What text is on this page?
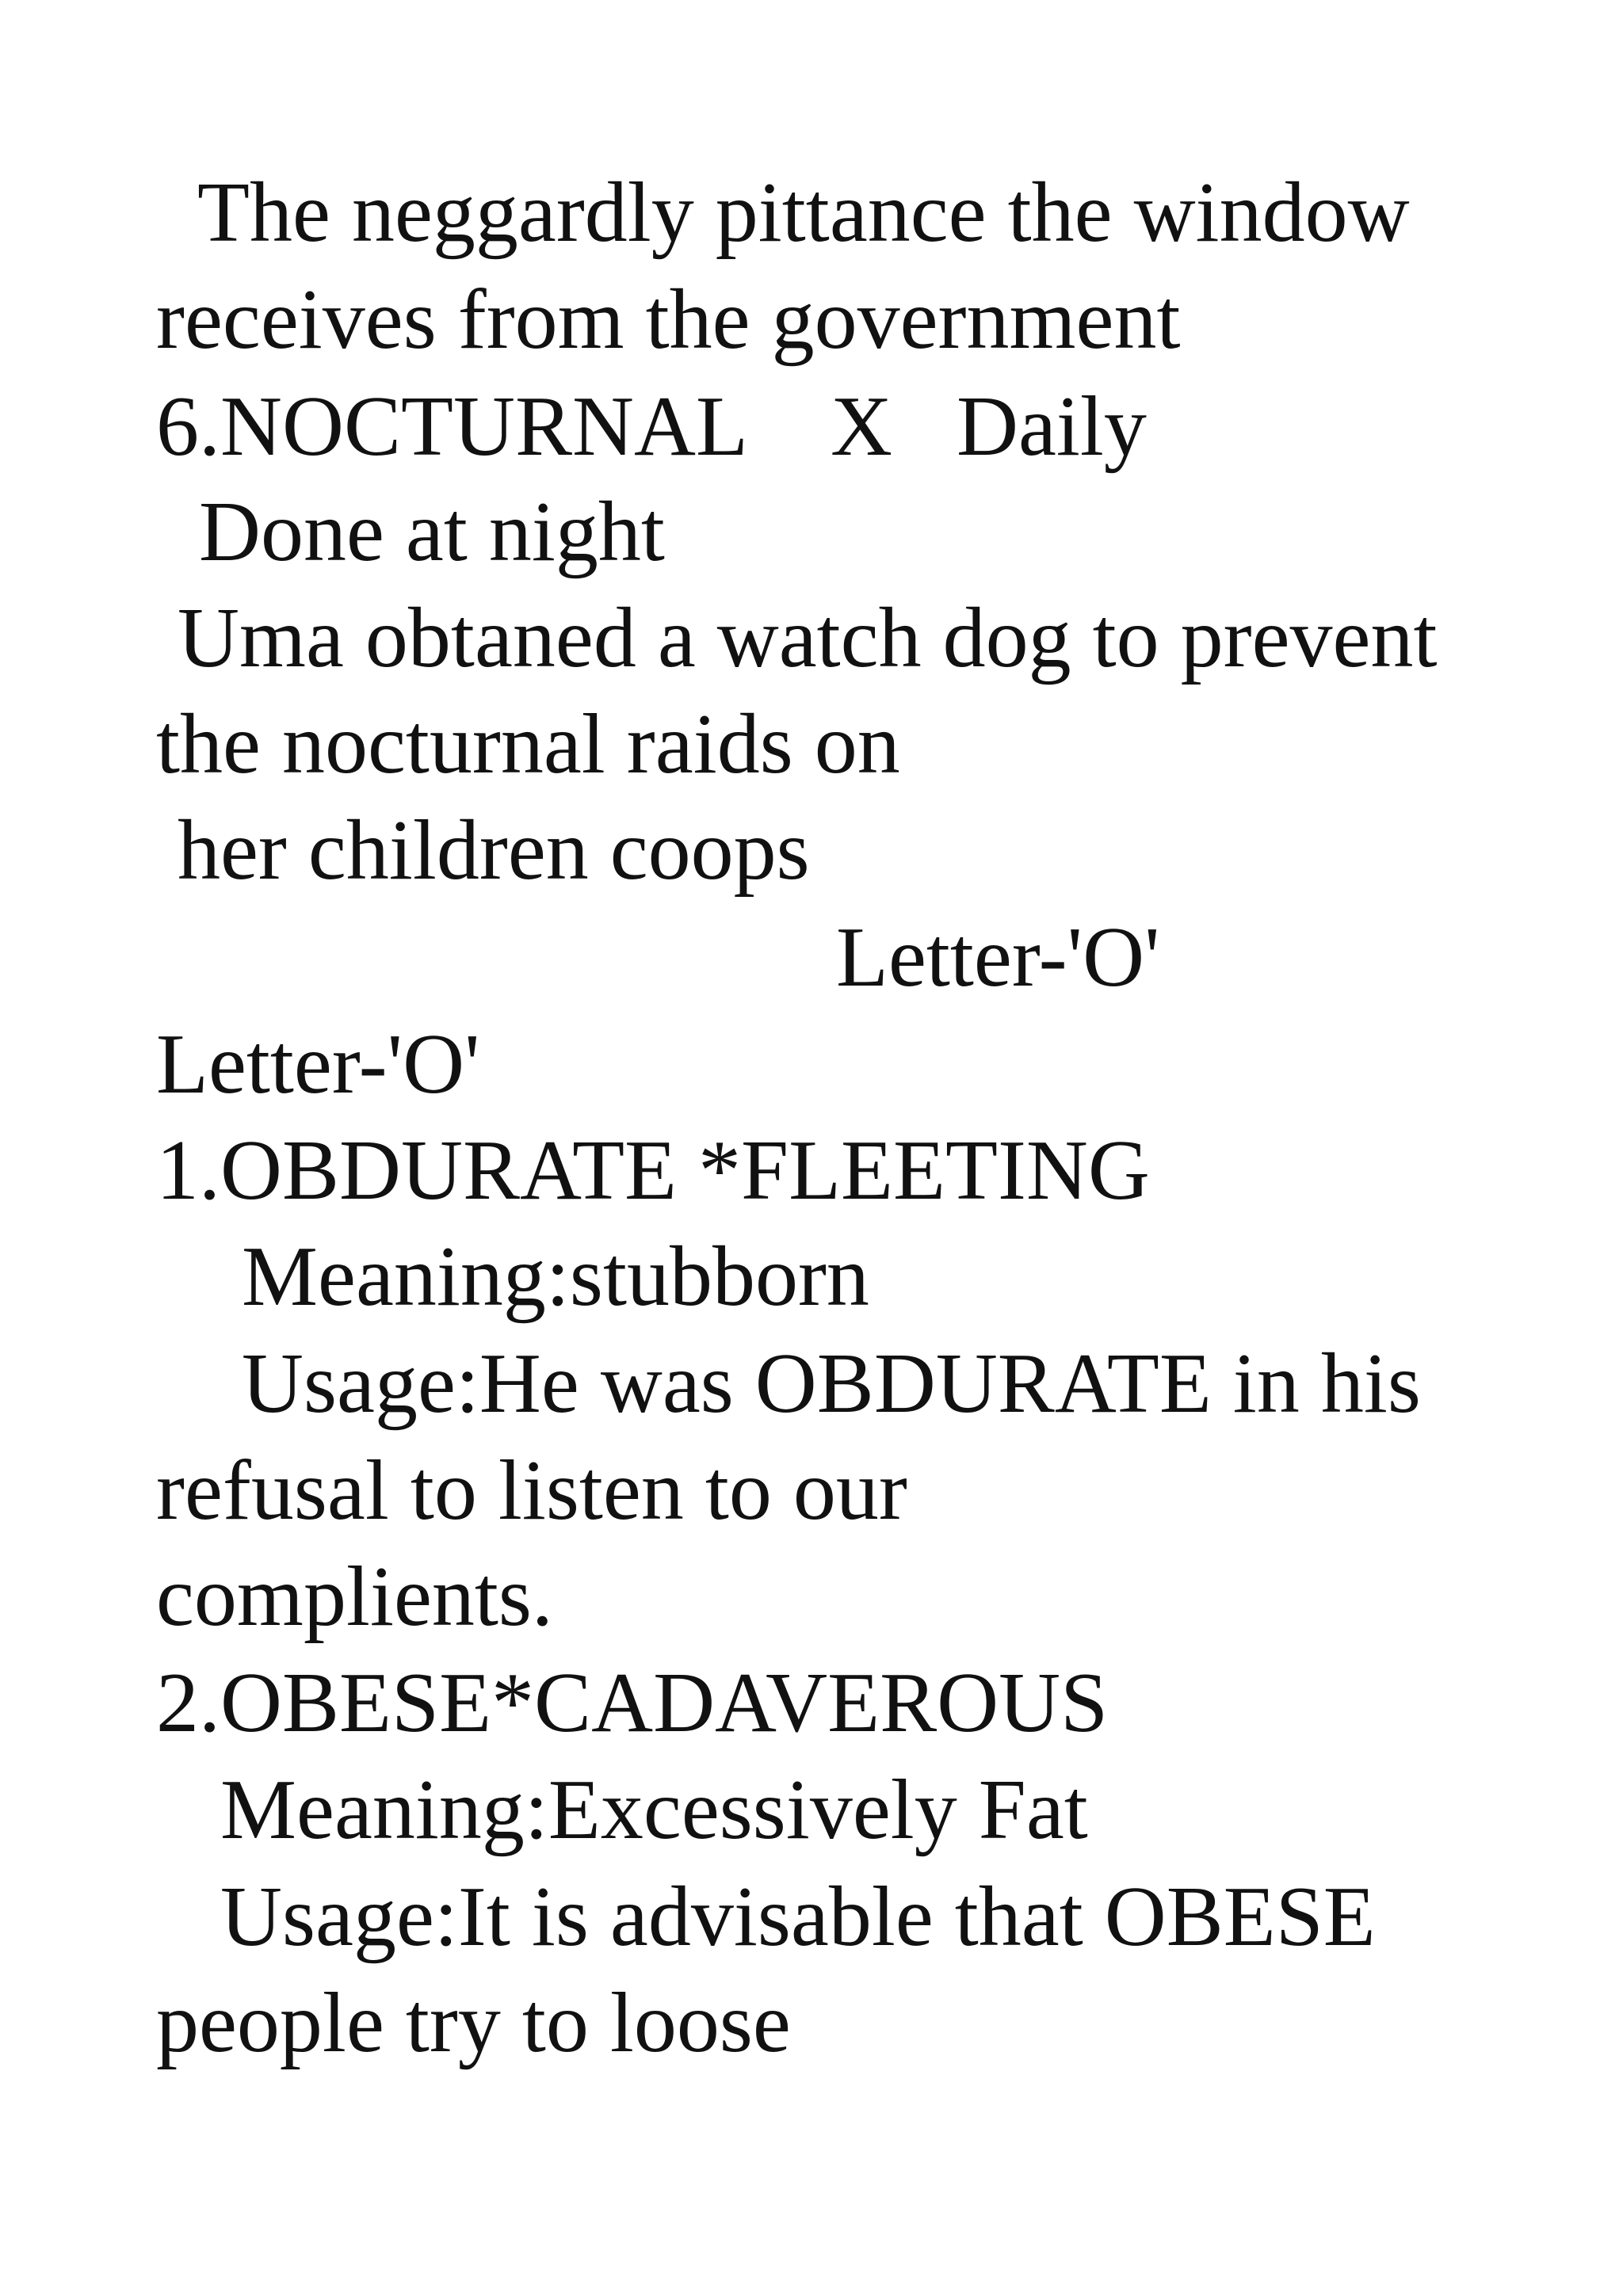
The neggardly pittance the window
receives from the government
6.NOCTURNAL    X   Daily
Done at night
Uma obtaned a watch dog to prevent
the nocturnal raids on
her children coops
Letter-'O'
Letter-'O'
1.OBDURATE *FLEETING
Meaning:stubborn
Usage:He was OBDURATE in his
refusal to listen to our
complients.
2.OBESE*CADAVEROUS
Meaning:Excessively Fat
Usage:It is advisable that OBESE
people try to loose
